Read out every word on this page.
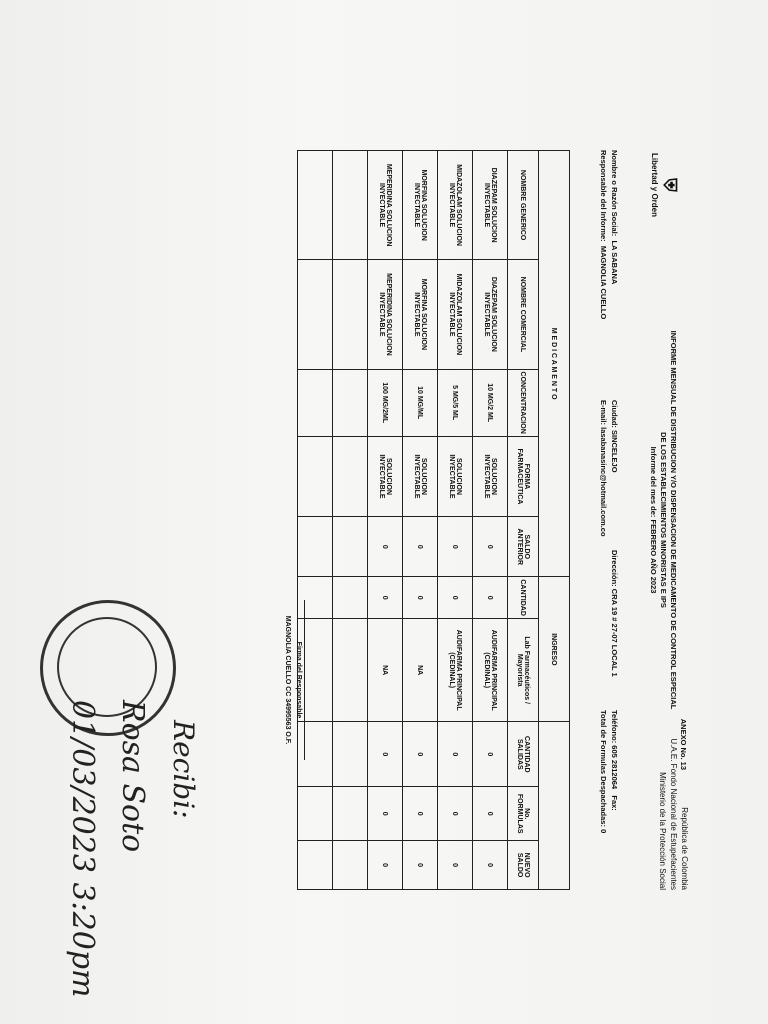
⛨
Libertad y Orden
ANEXO No. 13
INFORME MENSUAL DE DISTRIBUCION Y/O DISPENSACION DE MEDICAMENTO DE CONTROL ESPECIAL
DE LOS ESTABLECIMIENTOS MINORISTAS E IPS
Informe del mes de: FEBRERO AÑO 2023
República de Colombia
U.A.E. Fondo Nacional de Estupefacientes
Ministerio de la Protección Social
Nombre o Razón Social:  LA SABANA
Responsable del Informe:  MAGNOLIA CUELLO
Ciudad: SINCELEJO
E-mail: lasabanasinc@hotmail.com.co
Dirección: CRA 19 # 27-07 LOCAL 1
Teléfono: 605 2812064   Fax:
Total de Formulas Despachadas: 0
M E D I C A M E N T O					INGRESO				
NOMBRE GENERICO	NOMBRE COMERCIAL	CONCENTRACION	FORMA FARMACEUTICA	SALDO ANTERIOR	CANTIDAD	Lab Farmacéuticos / Mayorista	CANTIDAD SALIDAS	No. FORMULAS	NUEVO SALDO
DIAZEPAM SOLUCION INYECTABLE	DIAZEPAM SOLUCION INYECTABLE	10 MG/2 ML	SOLUCION INYECTABLE	0	0	AUDIFARMA PRINCIPAL (CEDINAL)	0	0	0
MIDAZOLAM SOLUCION INYECTABLE	MIDAZOLAM SOLUCION INYECTABLE	5 MG/5 ML	SOLUCION INYECTABLE	0	0	AUDIFARMA PRINCIPAL (CEDINAL)	0	0	0
MORFINA SOLUCION INYECTABLE	MORFINA SOLUCION INYECTABLE	10 MG/ML	SOLUCION INYECTABLE	0	0	NA	0	0	0
MEPERIDINA SOLUCION INYECTABLE	MEPERIDINA SOLUCION INYECTABLE	100 MG/2ML	SOLUCION INYECTABLE	0	0	NA	0	0	0

Firma del Responsable
MAGNOLIA CUELLO CC 34995563 O.F.
Recibi:
Rosa Soto
01/03/2023 3:20pm
